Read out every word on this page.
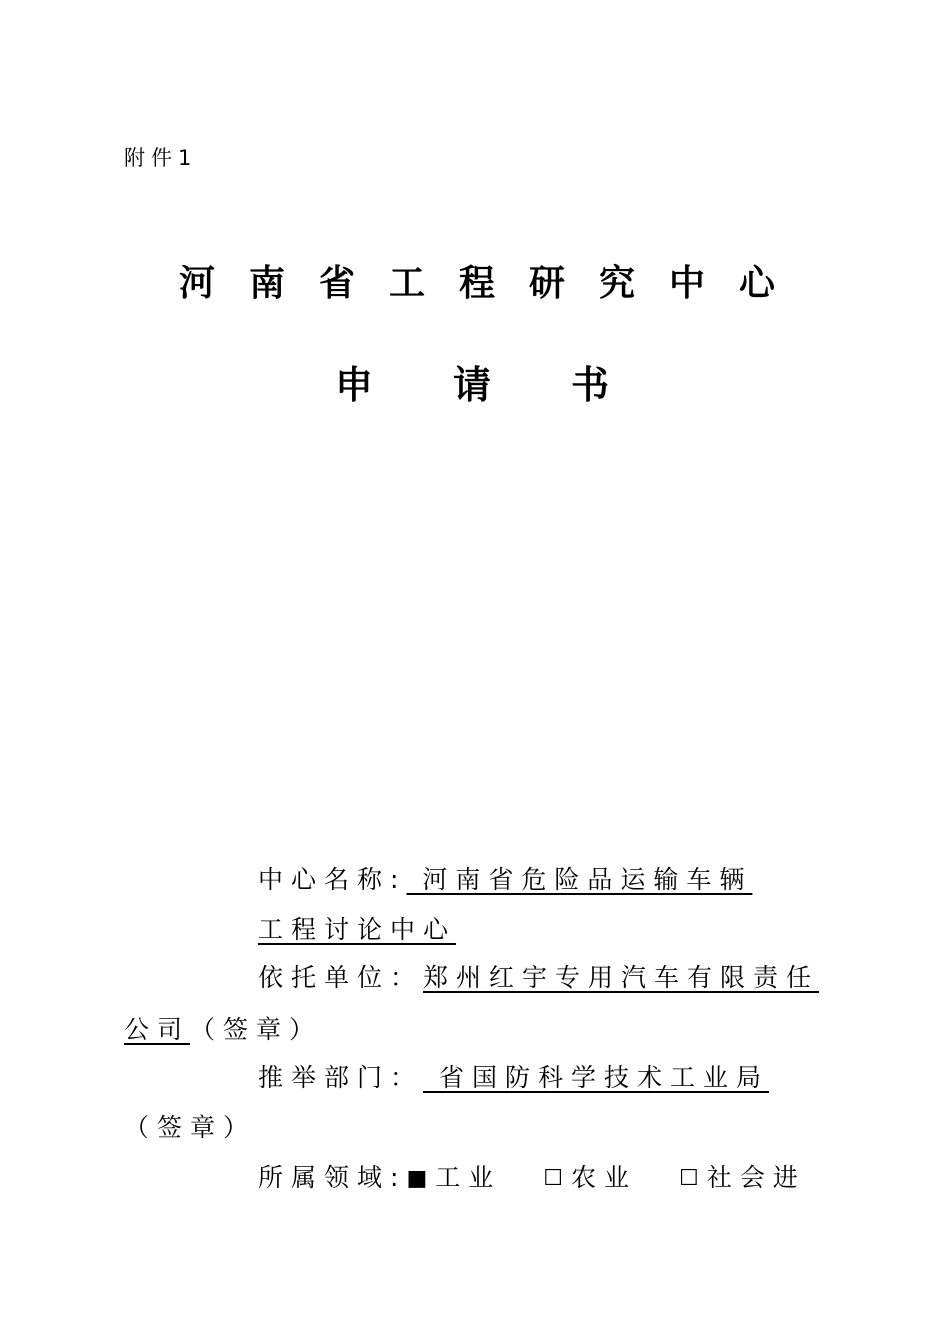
附件1
河南省工程研究中心
申请书
中心名称: 河南省危险品运输车辆
工程讨论中心
依托单位：郑州红宇专用汽车有限责任
公司（签章）
推举部门： 省国防科学技术工业局
（签章）
所属领域:■ 工业 ☐ 农业 ☐ 社会进
